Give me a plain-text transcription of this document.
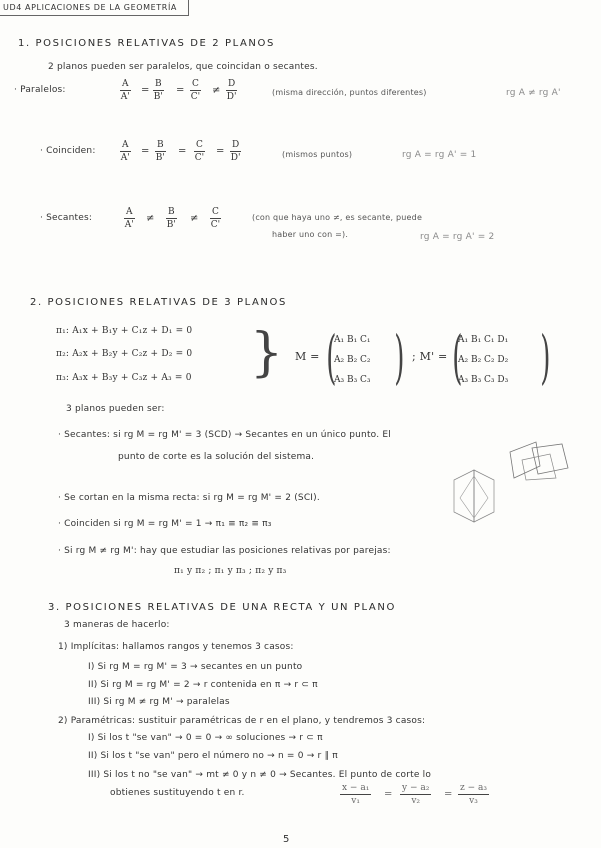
UD4 APLICACIONES DE LA GEOMETRÍA
1. POSICIONES RELATIVAS DE 2 PLANOS
2 planos pueden ser paralelos, que coincidan o secantes.
· Paralelos:	$\frac{A}{A'} = \frac{B}{B'} = \frac{C}{C'} \ne \frac{D}{D'}$	(misma dirección, puntos diferentes)	rg A ≠ rg A'
· Coinciden:	$\frac{A}{A'} = \frac{B}{B'} = \frac{C}{C'} = \frac{D}{D'}$	(mismos puntos)	rg A = rg A' = 1
· Secantes:	$\frac{A}{A'} \ne \frac{B}{B'} \ne \frac{C}{C'}$	(con que haya uno ≠, es secante, puede
haber uno con =).	rg A = rg A' = 2
2. POSICIONES RELATIVAS DE 3 PLANOS
π₁: A₁x + B₁y + C₁z + D₁ = 0
π₂: A₂x + B₂y + C₂z + D₂ = 0
π₃: A₃x + B₃y + C₃z + A₃ = 0 } M = (
A₁ B₁ C₁
A₂ B₂ C₂
A₃ B₃ C₃ ) ; M' = (
A₁ B₁ C₁ D₁
A₂ B₂ C₂ D₂
A₃ B₃ C₃ D₃ )
3 planos pueden ser:
· Secantes: si rg M = rg M' = 3 (SCD) → Secantes en un único punto. El
punto de corte es la solución del sistema.
· Se cortan en la misma recta: si rg M = rg M' = 2 (SCI).
· Coinciden si rg M = rg M' = 1 → π₁ ≡ π₂ ≡ π₃
· Si rg M ≠ rg M': hay que estudiar las posiciones relativas por parejas:
π₁ y π₂ ; π₁ y π₃ ; π₂ y π₃
3. POSICIONES RELATIVAS DE UNA RECTA Y UN PLANO
3 maneras de hacerlo:
1) Implícitas: hallamos rangos y tenemos 3 casos:
I) Si rg M = rg M' = 3 → secantes en un punto
II) Si rg M = rg M' = 2 → r contenida en π → r ⊂ π
III) Si rg M ≠ rg M' → paralelas
2) Paramétricas: sustituir paramétricas de r en el plano, y tendremos 3 casos:
I) Si los t "se van" → 0 = 0 → ∞ soluciones → r ⊂ π
II) Si los t "se van" pero el número no → n = 0 → r ∥ π
III) Si los t no "se van" → mt ≠ 0 y n ≠ 0 → Secantes. El punto de corte lo
obtienes sustituyendo t en r.	$\frac{\text{x − a₁}}{\text{v₁}} = \frac{\text{y − a₂}}{\text{v₂}} = \frac{\text{z − a₃}}{\text{v₃}}$
5
